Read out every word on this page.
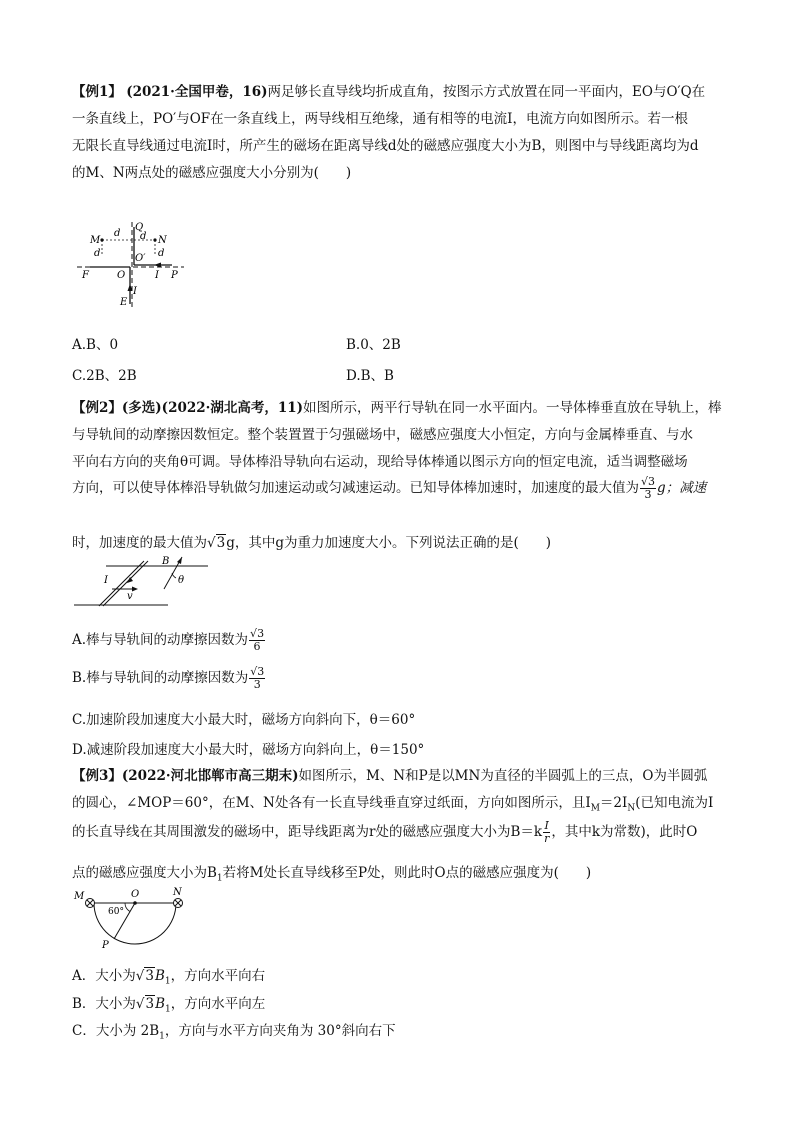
【例1】 (2021·全国甲卷，16)两足够长直导线均折成直角，按图示方式放置在同一平面内，EO与O′Q在
一条直线上，PO′与OF在一条直线上，两导线相互绝缘，通有相等的电流I，电流方向如图所示。若一根
无限长直导线通过电流I时，所产生的磁场在距离导线d处的磁感应强度大小为B，则图中与导线距离均为d
的M、N两点处的磁感应强度大小分别为(　　)
M	N
Q
d d
d	d
O′
O
F	I P
I
E
A.B、0	B.0、2B
C.2B、2B	D.B、B
【例2】(多选)(2022·湖北高考，11)如图所示，两平行导轨在同一水平面内。一导体棒垂直放在导轨上，棒
与导轨间的动摩擦因数恒定。整个装置置于匀强磁场中，磁感应强度大小恒定，方向与金属棒垂直、与水
平向右方向的夹角θ可调。导体棒沿导轨向右运动，现给导体棒通以图示方向的恒定电流，适当调整磁场
方向，可以使导体棒沿导轨做匀加速运动或匀减速运动。已知导体棒加速时，加速度的最大值为 $\frac{√3}{3}$ g；减速
时，加速度的最大值为√3g，其中g为重力加速度大小。下列说法正确的是(　　)
B
θ
I
v
A.棒与导轨间的动摩擦因数为 $\frac{√3}{6}$
B.棒与导轨间的动摩擦因数为 $\frac{√3}{3}$
C.加速阶段加速度大小最大时，磁场方向斜向下，θ＝60°
D.减速阶段加速度大小最大时，磁场方向斜向上，θ＝150°
【例3】(2022·河北邯郸市高三期末)如图所示，M、N和P是以MN为直径的半圆弧上的三点，O为半圆弧
的圆心，∠MOP＝60°，在M、N处各有一长直导线垂直穿过纸面，方向如图所示，且$I_M=2I_N$(已知电流为I
的长直导线在其周围激发的磁场中，距导线距离为r处的磁感应强度大小为$B=k \frac{I}{r}$ ，其中k为常数)，此时O
点的磁感应强度大小为$B_1$若将M处长直导线移至P处，则此时O点的磁感应强度为(　　)
M	N
O
60°
P
A．大小为$√3B_1$，方向水平向右
B．大小为$√3B_1$，方向水平向左
C．大小为 $2B_1$，方向与水平方向夹角为 30°斜向右下
